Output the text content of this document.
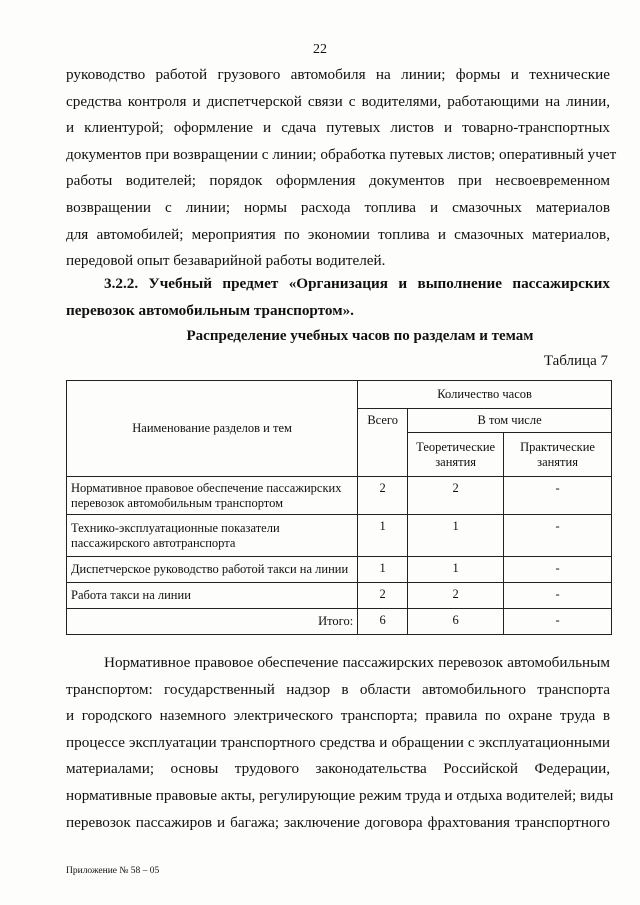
22
руководство работой грузового автомобиля на линии; формы и технические
средства контроля и диспетчерской связи с водителями, работающими на линии,
и клиентурой; оформление и сдача путевых листов и товарно-транспортных
документов при возвращении с линии; обработка путевых листов; оперативный учет
работы водителей; порядок оформления документов при несвоевременном
возвращении с линии; нормы расхода топлива и смазочных материалов
для автомобилей; мероприятия по экономии топлива и смазочных материалов,
передовой опыт безаварийной работы водителей.
3.2.2. Учебный предмет «Организация и выполнение пассажирских
перевозок автомобильным транспортом».
Распределение учебных часов по разделам и темам
Таблица 7
Наименование разделов и тем	Количество часов		
	Всего	В том числе	
		Теоретические занятия	Практические занятия
Нормативное правовое обеспечение пассажирских перевозок автомобильным транспортом	2	2	-
Технико-эксплуатационные показатели пассажирского автотранспорта	1	1	-
Диспетчерское руководство работой такси на линии	1	1	-
Работа такси на линии	2	2	-
Итого:	6	6	-
Нормативное правовое обеспечение пассажирских перевозок автомобильным
транспортом: государственный надзор в области автомобильного транспорта
и городского наземного электрического транспорта; правила по охране труда в
процессе эксплуатации транспортного средства и обращении с эксплуатационными
материалами; основы трудового законодательства Российской Федерации,
нормативные правовые акты, регулирующие режим труда и отдыха водителей; виды
перевозок пассажиров и багажа; заключение договора фрахтования транспортного
Приложение № 58 – 05
